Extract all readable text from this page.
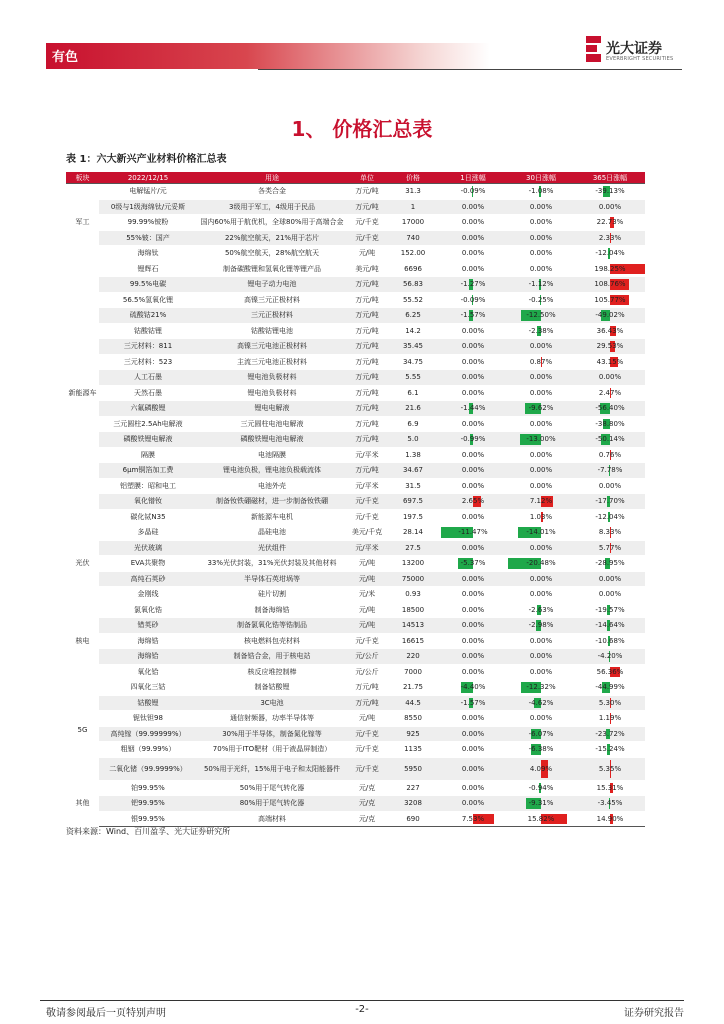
有色
光大证券
EVERBRIGHT SECURITIES
1、 价格汇总表
表 1：六大新兴产业材料价格汇总表
板块	2022/12/15	用途	单位	价格	1日涨幅	30日涨幅	365日涨幅
军工	电解锰片/元	各类合金	万元/吨	31.3	-0.09%	-1.08%	-39.13%
	0级与1级海绵钛/元妥斯	3级用于军工，4级用于民品	万元/吨	1	0.00%	0.00%	0.00%
	99.99%铍粉	国内60%用于航优机，全球80%用于高端合金	元/千克	17000	0.00%	0.00%	22.73%
	55%铍：国产	22%航空航天，21%用于芯片	元/千克	740	0.00%	0.00%	2.33%
	海绵钛	50%航空航天，28%航空航天	元/吨	152.00	0.00%	0.00%	-12.04%
新能源车	锂辉石	制备碳酸锂和氢氧化锂等锂产品	美元/吨	6696	0.00%	0.00%	198.25%
	99.5%电碳	锂电子动力电池	万元/吨	56.83	-1.27%	-1.12%	108.76%
	56.5%氢氧化锂	高镍三元正极材料	万元/吨	55.52	-0.09%	-0.25%	105.77%
	硫酸钴21%	三元正极材料	万元/吨	6.25	-1.57%	-12.50%	-49.02%
	钴酸钴锂	钴酸钴锂电池	万元/吨	14.2	0.00%	-2.38%	36.43%
	三元材料：811	高镍三元电池正极材料	万元/吨	35.45	0.00%	0.00%	29.53%
	三元材料：523	主流三元电池正极材料	万元/吨	34.75	0.00%	0.87%	43.15%
	人工石墨	锂电池负极材料	万元/吨	5.55	0.00%	0.00%	0.00%
	天然石墨	锂电池负极材料	万元/吨	6.1	0.00%	0.00%	2.47%
	六氟磷酸锂	锂电电解液	万元/吨	21.6	-1.44%	-9.62%	-56.40%
	三元圆柱2.5Ah电解液	三元圆柱电池电解液	万元/吨	6.9	0.00%	0.00%	-38.80%
	磷酸铁锂电解液	磷酸铁锂电池电解液	万元/吨	5.0	-0.99%	-13.00%	-50.14%
	隔膜	电池隔膜	元/平米	1.38	0.00%	0.00%	0.76%
	6μm铜箔加工费	锂电池负极，锂电池负极载流体	万元/吨	34.67	0.00%	0.00%	-7.78%
	铝塑膜：昭和电工	电池外壳	元/平米	31.5	0.00%	0.00%	0.00%
	氧化镨钕	制备钕铁硼磁材，进一步制备钕铁硼	元/千克	697.5	2.65%	7.12%	-17.70%
	碳化铽N35	新能源车电机	元/千克	197.5	0.00%	1.03%	-12.04%
光伏	多晶硅	晶硅电池	美元/千克	28.14	-11.47%	-14.01%	8.33%
	光伏玻璃	光伏组件	元/平米	27.5	0.00%	0.00%	5.77%
	EVA共聚物	33%光伏封装，31%光伏封装及其他材料	元/吨	13200	-5.37%	-20.48%	-28.95%
	高纯石英砂	半导体石英坩埚等	元/吨	75000	0.00%	0.00%	0.00%
	金刚线	硅片切割	元/米	0.93	0.00%	0.00%	0.00%
核电	氯氧化锆	制备海绵锆	元/吨	18500	0.00%	-2.63%	-19.57%
	错英砂	制备氯氧化锆等锆制品	元/吨	14513	0.00%	-2.98%	-14.64%
	海绵锆	核电燃料包壳材料	元/千克	16615	0.00%	0.00%	-10.68%
	海绵铪	制备锆合金，用于核电站	元/公斤	220	0.00%	0.00%	-4.20%
	氧化铪	核反应堆控制棒	元/公斤	7000	0.00%	0.00%	56.36%
5G	四氧化三钴	制备钴酸锂	万元/吨	21.75	-4.40%	-12.32%	-44.99%
	钴酸锂	3C电池	万元/吨	44.5	-1.57%	-4.62%	5.30%
	铌钛钽98	通信射频器，功率半导体等	元/吨	8550	0.00%	0.00%	1.19%
	高纯镓（99.99999%）	30%用于半导体，制备氮化镓等	元/千克	925	0.00%	-6.07%	-23.72%
	粗铟（99.99%）	70%用于ITO靶材（用于液晶屏制造）	元/千克	1135	0.00%	-6.38%	-15.24%
	二氧化锗（99.9999%）	50%用于光纤，15%用于电子和太阳能器件	元/千克	5950	0.00%	4.09%	5.35%
其他	铂99.95%	50%用于尾气转化器	元/克	227	0.00%	-0.94%	15.31%
	钯99.95%	80%用于尾气转化器	元/克	3208	0.00%	-9.31%	-3.45%
	银99.95%	高端材料	元/克	690	7.53%	15.82%	14.90%
资料来源：Wind、百川盈孚、光大证券研究所
敬请参阅最后一页特别声明	-2-	证券研究报告
